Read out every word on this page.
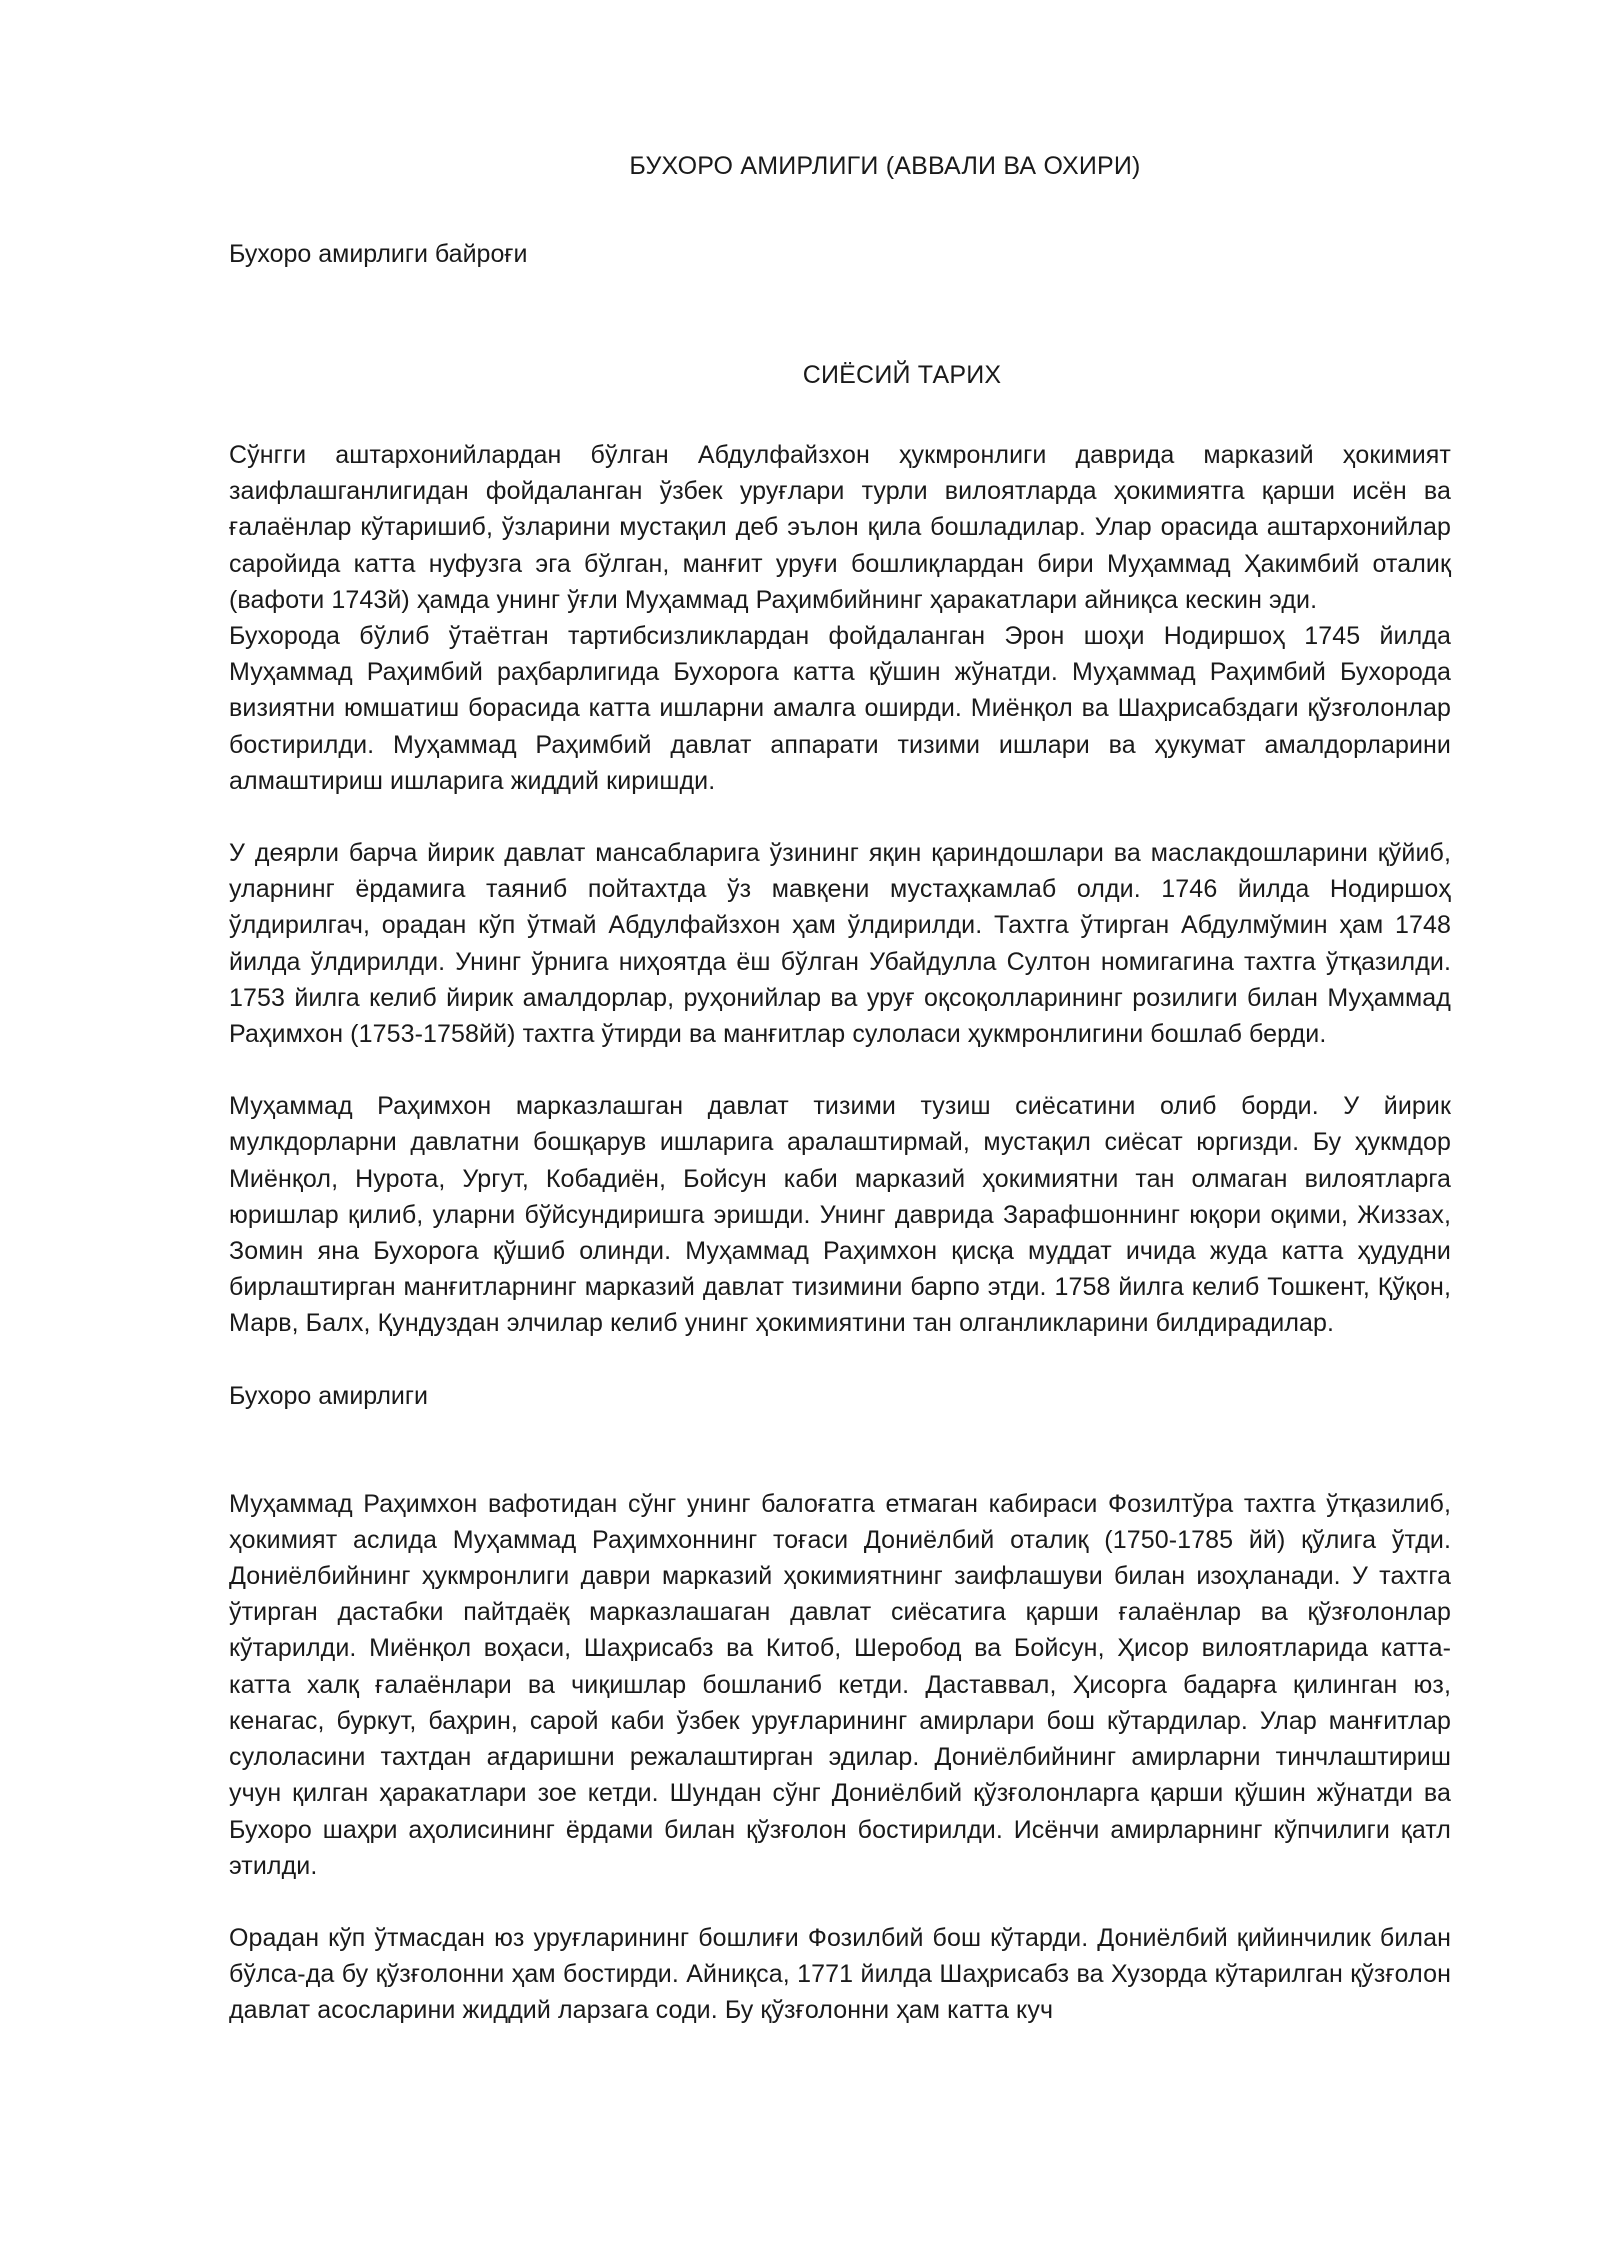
БУХОРО АМИРЛИГИ (АВВАЛИ ВА ОХИРИ)

Бухоро амирлиги байроғи

СИЁСИЙ ТАРИХ

Сўнгги аштархонийлардан бўлган Абдулфайзхон ҳукмронлиги даврида марказий ҳокимият заифлашганлигидан фойдаланган ўзбек уруғлари турли вилоятларда ҳокимиятга қарши исён ва ғалаёнлар кўтаришиб, ўзларини мустақил деб эълон қила бошладилар. Улар орасида аштархонийлар саройида катта нуфузга эга бўлган, манғит уруғи бошлиқлардан бири Муҳаммад Ҳакимбий оталиқ (вафоти 1743й) ҳамда унинг ўғли Муҳаммад Раҳимбийнинг ҳаракатлари айниқса кескин эди.

Бухорода бўлиб ўтаётган тартибсизликлардан фойдаланган Эрон шоҳи Нодиршоҳ 1745 йилда Муҳаммад Раҳимбий раҳбарлигида Бухорога катта қўшин жўнатди. Муҳаммад Раҳимбий Бухорода визиятни юмшатиш борасида катта ишларни амалга оширди. Миёнқол ва Шаҳрисабздаги қўзғолонлар бостирилди. Муҳаммад Раҳимбий давлат аппарати тизими ишлари ва ҳукумат амалдорларини алмаштириш ишларига жиддий киришди.

У деярли барча йирик давлат мансабларига ўзининг яқин қариндошлари ва маслакдошларини қўйиб, уларнинг ёрдамига таяниб пойтахтда ўз мавқени мустаҳкамлаб олди. 1746 йилда Нодиршоҳ ўлдирилгач, орадан кўп ўтмай Абдулфайзхон ҳам ўлдирилди. Тахтга ўтирган Абдулмўмин ҳам 1748 йилда ўлдирилди. Унинг ўрнига ниҳоятда ёш бўлган Убайдулла Султон номигагина тахтга ўтқазилди. 1753 йилга келиб йирик амалдорлар, руҳонийлар ва уруғ оқсоқолларининг розилиги билан Муҳаммад Раҳимхон (1753-1758йй) тахтга ўтирди ва манғитлар сулоласи ҳукмронлигини бошлаб берди.

Муҳаммад Раҳимхон марказлашган давлат тизими тузиш сиёсатини олиб борди. У йирик мулкдорларни давлатни бошқарув ишларига аралаштирмай, мустақил сиёсат юргизди. Бу ҳукмдор Миёнқол, Нурота, Ургут, Кобадиён, Бойсун каби марказий ҳокимиятни тан олмаган вилоятларга юришлар қилиб, уларни бўйсундиришга эришди. Унинг даврида Зарафшоннинг юқори оқими, Жиззах, Зомин яна Бухорога қўшиб олинди. Муҳаммад Раҳимхон қисқа муддат ичида жуда катта ҳудудни бирлаштирган манғитларнинг марказий давлат тизимини барпо этди. 1758 йилга келиб Тошкент, Қўқон, Марв, Балх, Қундуздан элчилар келиб унинг ҳокимиятини тан олганликларини билдирадилар.

Бухоро амирлиги

Муҳаммад Раҳимхон вафотидан сўнг унинг балоғатга етмаган кабираси Фозилтўра тахтга ўтқазилиб, ҳокимият аслида Муҳаммад Раҳимхоннинг тоғаси Дониёлбий оталиқ (1750-1785 йй) қўлига ўтди. Дониёлбийнинг ҳукмронлиги даври марказий ҳокимиятнинг заифлашуви билан изоҳланади. У тахтга ўтирган дастабки пайтдаёқ марказлашаган давлат сиёсатига қарши ғалаёнлар ва қўзғолонлар кўтарилди. Миёнқол воҳаси, Шаҳрисабз ва Китоб, Шеробод ва Бойсун, Ҳисор вилоятларида катта-катта халқ ғалаёнлари ва чиқишлар бошланиб кетди. Даставвал, Ҳисорга бадарға қилинган юз, кенагас, буркут, баҳрин, сарой каби ўзбек уруғларининг амирлари бош кўтардилар. Улар манғитлар сулоласини тахтдан ағдаришни режалаштирган эдилар. Дониёлбийнинг амирларни тинчлаштириш учун қилган ҳаракатлари зое кетди. Шундан сўнг Дониёлбий қўзғолонларга қарши қўшин жўнатди ва Бухоро шаҳри аҳолисининг ёрдами билан қўзғолон бостирилди. Исёнчи амирларнинг кўпчилиги қатл этилди.

Орадан кўп ўтмасдан юз уруғларининг бошлиғи Фозилбий бош кўтарди. Дониёлбий қийинчилик билан бўлса-да бу қўзғолонни ҳам бостирди. Айниқса, 1771 йилда Шаҳрисабз ва Хузорда кўтарилган қўзғолон давлат асосларини жиддий ларзага соди. Бу қўзғолонни ҳам катта куч
